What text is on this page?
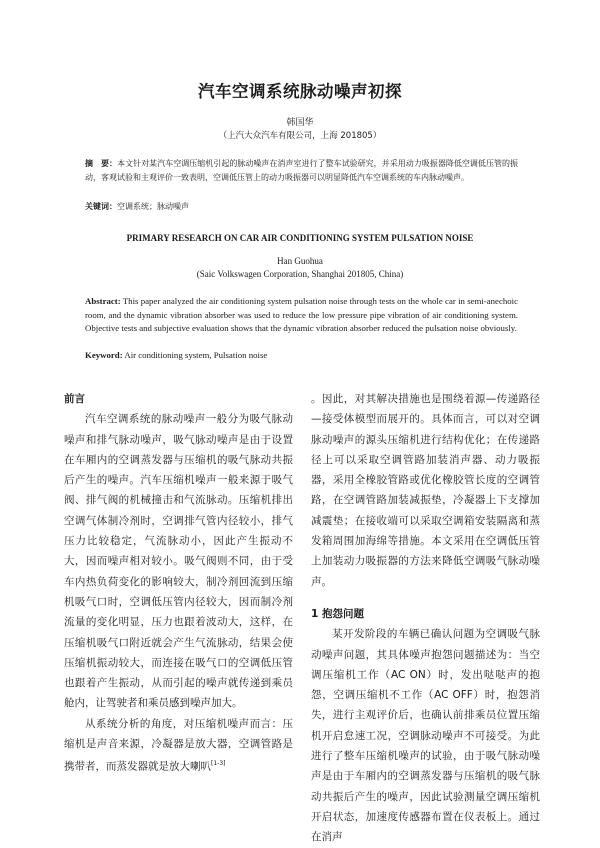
汽车空调系统脉动噪声初探
韩国华
（上汽大众汽车有限公司，上海 201805）
摘　要：本文针对某汽车空调压缩机引起的脉动噪声在消声室进行了整车试验研究，并采用动力吸振器降低空调低压管的振动，客观试验和主观评价一致表明，空调低压管上的动力吸振器可以明显降低汽车空调系统的车内脉动噪声。
关键词：空调系统；脉动噪声
PRIMARY RESEARCH ON CAR AIR CONDITIONING SYSTEM PULSATION NOISE
Han Guohua
(Saic Volkswagen Corporation, Shanghai 201805, China)
Abstract: This paper analyzed the air conditioning system pulsation noise through tests on the whole car in semi-anechoic room, and the dynamic vibration absorber was used to reduce the low pressure pipe vibration of air conditioning system. Objective tests and subjective evaluation shows that the dynamic vibration absorber reduced the pulsation noise obviously.
Keyword: Air conditioning system, Pulsation noise
前言

汽车空调系统的脉动噪声一般分为吸气脉动噪声和排气脉动噪声，吸气脉动噪声是由于设置在车厢内的空调蒸发器与压缩机的吸气脉动共振后产生的噪声。汽车压缩机噪声一般来源于吸气阀、排气阀的机械撞击和气流脉动。压缩机排出空调气体制冷剂时，空调排气管内径较小，排气压力比较稳定，气流脉动小，因此产生振动不大，因而噪声相对较小。吸气阀则不同，由于受车内热负荷变化的影响较大，制冷剂回流到压缩机吸气口时，空调低压管内径较大，因而制冷剂流量的变化明显，压力也跟着波动大，这样，在压缩机吸气口附近就会产生气流脉动，结果会使压缩机振动较大，而连接在吸气口的空调低压管也跟着产生振动，从而引起的噪声就传递到乘员舱内，让驾驶者和乘员感到噪声加大。

从系统分析的角度，对压缩机噪声而言：压缩机是声音来源，冷凝器是放大器，空调管路是携带者，而蒸发器就是放大喇叭[1-3]

。因此，对其解决措施也是围绕着源—传递路径—接受体模型而展开的。具体而言，可以对空调脉动噪声的源头压缩机进行结构优化；在传递路径上可以采取空调管路加装消声器、动力吸振器，采用全橡胶管路或优化橡胶管长度的空调管路，在空调管路加装减振垫，冷凝器上下支撑加减震垫；在接收端可以采取空调箱安装隔离和蒸发箱周围加海绵等措施。本文采用在空调低压管上加装动力吸振器的方法来降低空调吸气脉动噪声。

1 抱怨问题

某开发阶段的车辆已确认问题为空调吸气脉动噪声问题，其具体噪声抱怨问题描述为：当空调压缩机工作（AC ON）时，发出哒哒声的抱怨，空调压缩机不工作（AC OFF）时，抱怨消失，进行主观评价后，也确认前排乘员位置压缩机开启怠速工况，空调脉动噪声不可接受。为此进行了整车压缩机噪声的试验，由于吸气脉动噪声是由于车厢内的空调蒸发器与压缩机的吸气脉动共振后产生的噪声，因此试验测量空调压缩机开启状态，加速度传感器布置在仪表板上。通过在消声
